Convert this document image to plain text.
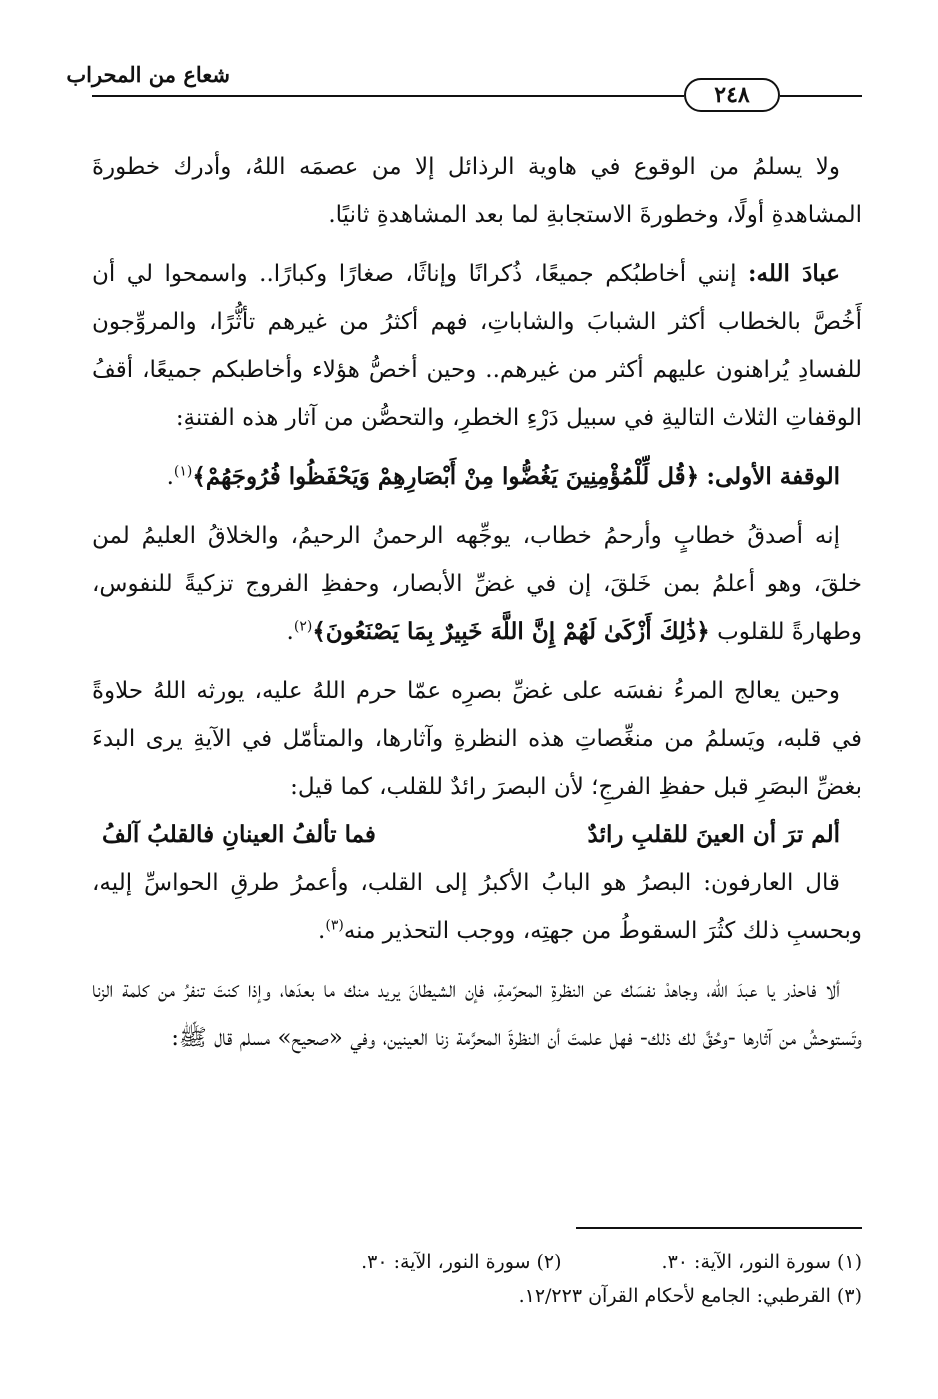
شعاع من المحراب
٢٤٨

ولا يسلمُ من الوقوع في هاوية الرذائل إلا من عصمَه اللهُ، وأدرك خطورةَ المشاهدةِ أولًا، وخطورةَ الاستجابةِ لما بعد المشاهدةِ ثانيًا.

عبادَ الله: إنني أخاطبُكم جميعًا، ذُكرانًا وإناثًا، صغارًا وكبارًا.. واسمحوا لي أن أَخُصَّ بالخطاب أكثر الشبابَ والشاباتِ، فهم أكثرُ من غيرهم تأثُّرًا، والمروِّجون للفسادِ يُراهنون عليهم أكثر من غيرهم.. وحين أخصُّ هؤلاء وأخاطبكم جميعًا، أقفُ الوقفاتِ الثلاث التاليةِ في سبيل دَرْءِ الخطرِ، والتحصُّن من آثار هذه الفتنةِ:

الوقفة الأولى: ﴿قُل لِّلْمُؤْمِنِينَ يَغُضُّوا مِنْ أَبْصَارِهِمْ وَيَحْفَظُوا فُرُوجَهُمْ﴾$^{(١)}$.

إنه أصدقُ خطابٍ وأرحمُ خطاب، يوجِّهه الرحمنُ الرحيمُ، والخلاقُ العليمُ لمن خلقَ، وهو أعلمُ بمن خَلقَ، إن في غضِّ الأبصار، وحفظِ الفروج تزكيةً للنفوس، وطهارةً للقلوب ﴿ذَٰلِكَ أَزْكَىٰ لَهُمْ إِنَّ اللَّهَ خَبِيرٌ بِمَا يَصْنَعُونَ﴾$^{(٢)}$.

وحين يعالج المرءُ نفسَه على غضِّ بصرِه عمّا حرم اللهُ عليه، يورثه اللهُ حلاوةً في قلبه، ويَسلمُ من منغِّصاتِ هذه النظرةِ وآثارها، والمتأمّل في الآيةِ يرى البدءَ بغضِّ البصَرِ قبل حفظِ الفرجِ؛ لأن البصرَ رائدٌ للقلب، كما قيل:

ألم ترَ أن العينَ للقلبِ رائدٌ
فما تألفُ العينانِ فالقلبُ آلفُ

قال العارفون: البصرُ هو البابُ الأكبرُ إلى القلب، وأعمرُ طرقِ الحواسِّ إليه، وبحسبِ ذلك كثُرَ السقوطُ من جهتِه، ووجب التحذير منه$^{(٣)}$.

ألا فاحذر يا عبدَ الله، وجاهدْ نفسَك عن النظرةِ المحرّمةِ، فإن الشيطانَ يريد منك ما بعدَها، وإذا كنتَ تنفرُ من كلمة الزنا وتَستوحشُ من آثارها -وحُقَّ لك ذلك- فهل علمتَ أن النظرةَ المحرَّمة زنا العينين، وفي «صحيح» مسلم قال ﷺ:

(١) سورة النور، الآية: ٣٠.
(٢) سورة النور، الآية: ٣٠.
(٣) القرطبي: الجامع لأحكام القرآن ١٢/٢٢٣.
